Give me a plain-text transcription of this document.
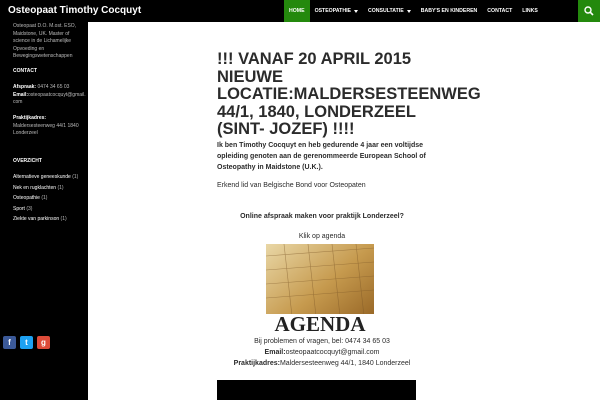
Osteopaat Timothy Cocquyt	HOME OSTEOPATHIE	CONSULTATIE	BABY'S EN KINDEREN CONTACT LINKS
Osteopaat D.O. M.ost. ESO, Maidstone, UK. Master of science in de Lichamelijke Opvoeding en Bewegingswetenschappen
CONTACT
Afspraak: 0474 34 65 03
Email:osteopaatcocquyt@gmail.com
Praktijkadres:
Maldersesteenweg 44/1 1840 Londerzeel
OVERZICHT
Alternatieve geneeskunde (1)
Nek en rugklachten (1)
Osteopathie (1)
Sport (3)
Ziekte van parkinson (1)
f t g
!!! VANAF 20 APRIL 2015 NIEUWE LOCATIE:MALDERSESTEENWEG 44/1, 1840, LONDERZEEL (SINT- JOZEF) !!!!

Ik ben Timothy Cocquyt en heb gedurende 4 jaar een voltijdse opleiding genoten aan de gerenommeerde European School of Osteopathy in Maidstone (U.K.).

Erkend lid van Belgische Bond voor Osteopaten

Online afspraak maken voor praktijk Londerzeel?

Klik op agenda

AGENDA

Bij problemen of vragen, bel: 0474 34 65 03

Email:osteopaatcocquyt@gmail.com

Praktijkadres:Maldersesteenweg 44/1, 1840 Londerzeel
